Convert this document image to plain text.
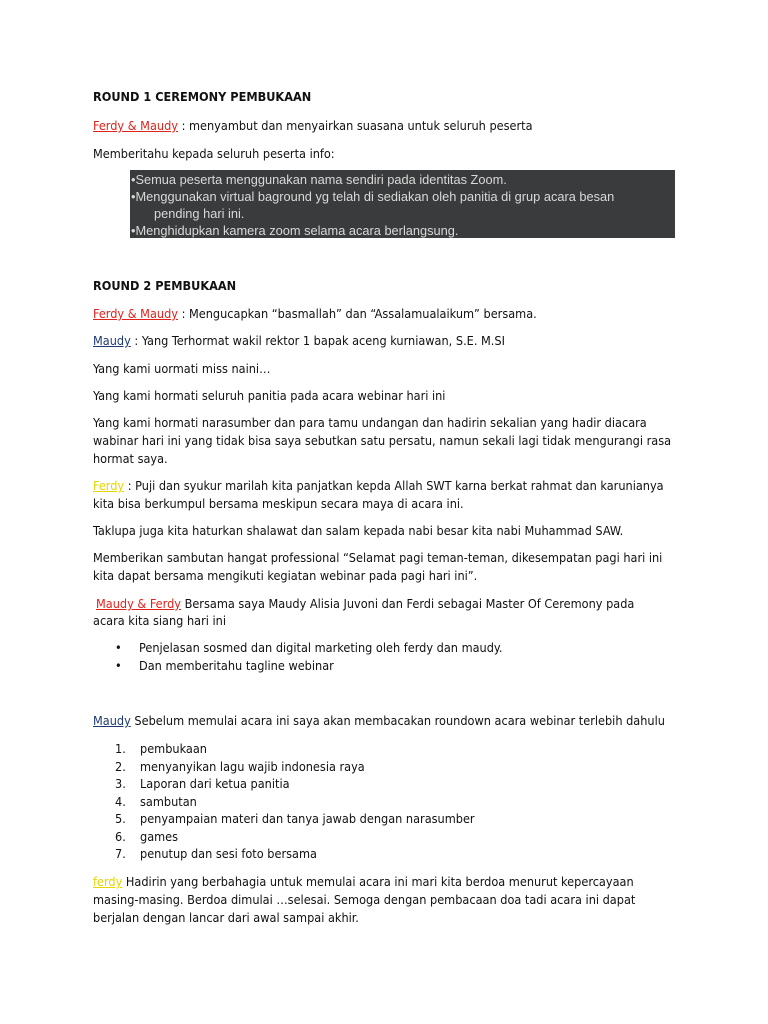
ROUND 1 CEREMONY PEMBUKAAN
Ferdy & Maudy : menyambut dan menyairkan suasana untuk seluruh peserta
Memberitahu kepada seluruh peserta info:
•Semua peserta menggunakan nama sendiri pada identitas Zoom.
•Menggunakan virtual baground yg telah di sediakan oleh panitia di grup acara besan
pending hari ini.
•Menghidupkan kamera zoom selama acara berlangsung.
ROUND 2 PEMBUKAAN
Ferdy & Maudy : Mengucapkan “basmallah” dan “Assalamualaikum” bersama.
Maudy : Yang Terhormat wakil rektor 1 bapak aceng kurniawan, S.E. M.SI
Yang kami uormati miss naini…
Yang kami hormati seluruh panitia pada acara webinar hari ini
Yang kami hormati narasumber dan para tamu undangan dan hadirin sekalian yang hadir diacara
wabinar hari ini yang tidak bisa saya sebutkan satu persatu, namun sekali lagi tidak mengurangi rasa
hormat saya.
Ferdy : Puji dan syukur marilah kita panjatkan kepda Allah SWT karna berkat rahmat dan karunianya
kita bisa berkumpul bersama meskipun secara maya di acara ini.
Taklupa juga kita haturkan shalawat dan salam kepada nabi besar kita nabi Muhammad SAW.
Memberikan sambutan hangat professional “Selamat pagi teman-teman, dikesempatan pagi hari ini
kita dapat bersama mengikuti kegiatan webinar pada pagi hari ini”.
Maudy & Ferdy Bersama saya Maudy Alisia Juvoni dan Ferdi sebagai Master Of Ceremony pada
acara kita siang hari ini
• Penjelasan sosmed dan digital marketing oleh ferdy dan maudy.
• Dan memberitahu tagline webinar
Maudy Sebelum memulai acara ini saya akan membacakan roundown acara webinar terlebih dahulu
1. pembukaan
2. menyanyikan lagu wajib indonesia raya
3. Laporan dari ketua panitia
4. sambutan
5. penyampaian materi dan tanya jawab dengan narasumber
6. games
7. penutup dan sesi foto bersama
ferdy Hadirin yang berbahagia untuk memulai acara ini mari kita berdoa menurut kepercayaan
masing-masing. Berdoa dimulai …selesai. Semoga dengan pembacaan doa tadi acara ini dapat
berjalan dengan lancar dari awal sampai akhir.
